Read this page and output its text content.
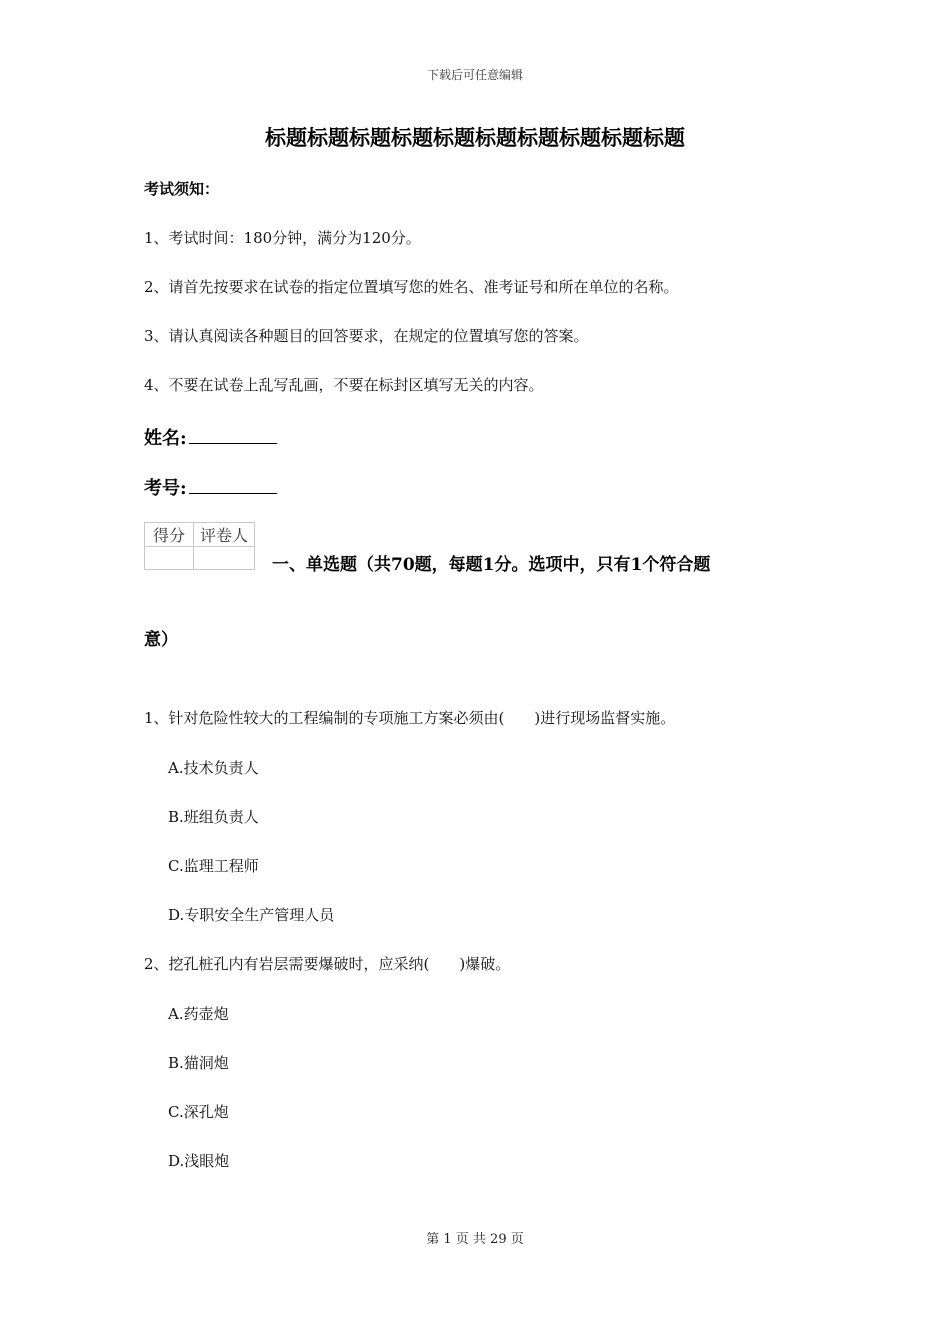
下载后可任意编辑
标题标题标题标题标题标题标题标题标题标题
考试须知：
1、考试时间：180分钟，满分为120分。
2、请首先按要求在试卷的指定位置填写您的姓名、准考证号和所在单位的名称。
3、请认真阅读各种题目的回答要求，在规定的位置填写您的答案。
4、不要在试卷上乱写乱画，不要在标封区填写无关的内容。
姓名:
考号:
得分	评卷人

一、单选题（共70题，每题1分。选项中，只有1个符合题
意）
1、针对危险性较大的工程编制的专项施工方案必须由(　　)进行现场监督实施。
A.技术负责人
B.班组负责人
C.监理工程师
D.专职安全生产管理人员
2、挖孔桩孔内有岩层需要爆破时，应采纳(　　)爆破。
A.药壶炮
B.猫洞炮
C.深孔炮
D.浅眼炮
第 1 页 共 29 页
